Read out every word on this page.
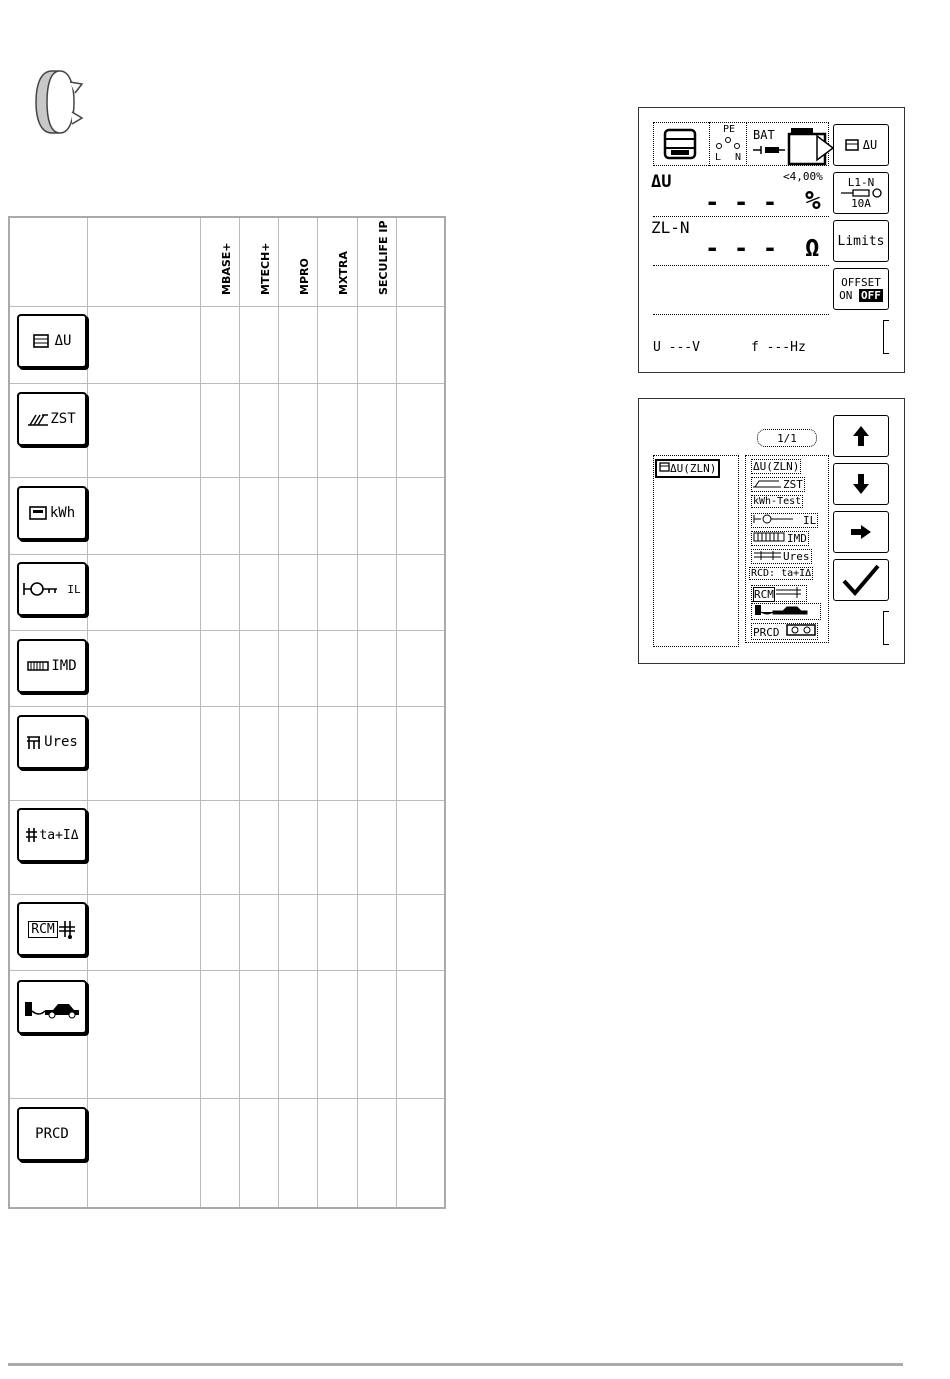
MBASE+ MTECH+ MPRO MXTRA SECULIFE IP
ΔU
ZST
kWh
IL
IMD
Ures
ta+IΔ
RCM
PRCD
PE
L N
BAT
ΔU	<4,00%
- - - %
ZL-N
- - - Ω
U ---V	f ---Hz
ΔU
L1-N
10A
Limits
OFFSET
ON OFF
1/1
ΔU(ZLN)	ΔU(ZLN)
ZST
kWh-Test
IL
IMD
Ures
RCD: ta+IΔ
RCM
PRCD
